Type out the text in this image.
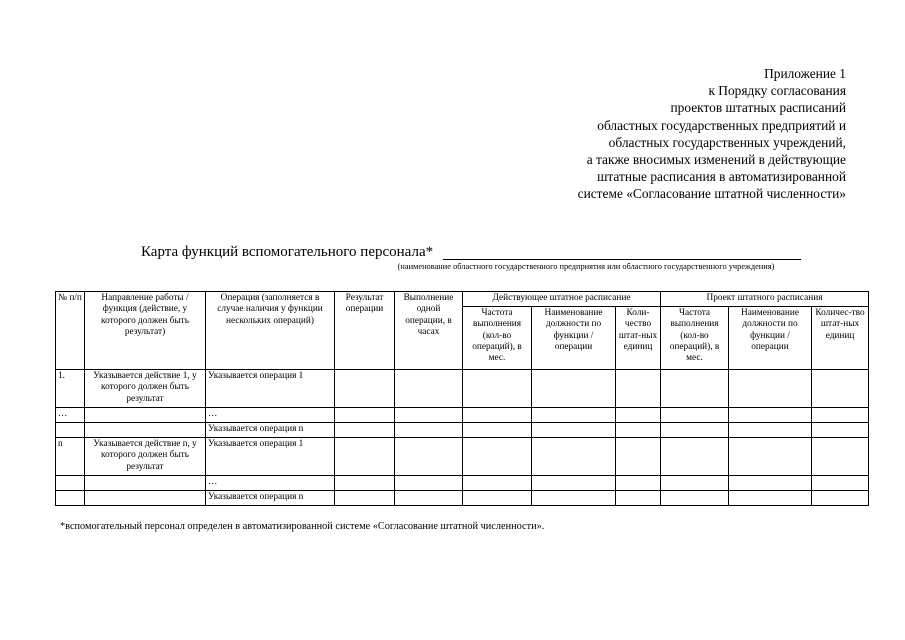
Приложение 1
к Порядку согласования
проектов штатных расписаний
областных государственных предприятий и
областных государственных учреждений,
а также вносимых изменений в действующие
штатные расписания в автоматизированной
системе «Согласование штатной численности»
Карта функций вспомогательного персонала*
(наименование областного государственного предприятия или областного государственного учреждения)
№ п/п	Направление работы / функция (действие, у которого должен быть результат)	Операция (заполняется в случае наличия у функции нескольких операций)	Результат операции	Выполнение одной операции, в часах	Действующее штатное расписание			Проект штатного расписания		
					Частота выполнения (кол-во операций), в мес.	Наименование должности по функции / операции	Коли-чество штат-ных единиц	Частота выполнения (кол-во операций), в мес.	Наименование должности по функции / операции	Количес-тво штат-ных единиц
1.	Указывается действие 1, у которого должен быть результат	Указывается операция 1								
…		…								
		Указывается операция n								
n	Указывается действие n, у которого должен быть результат	Указывается операция 1								
		…								
		Указывается операция n								
*вспомогательный персонал определен в автоматизированной системе «Согласование штатной численности».
